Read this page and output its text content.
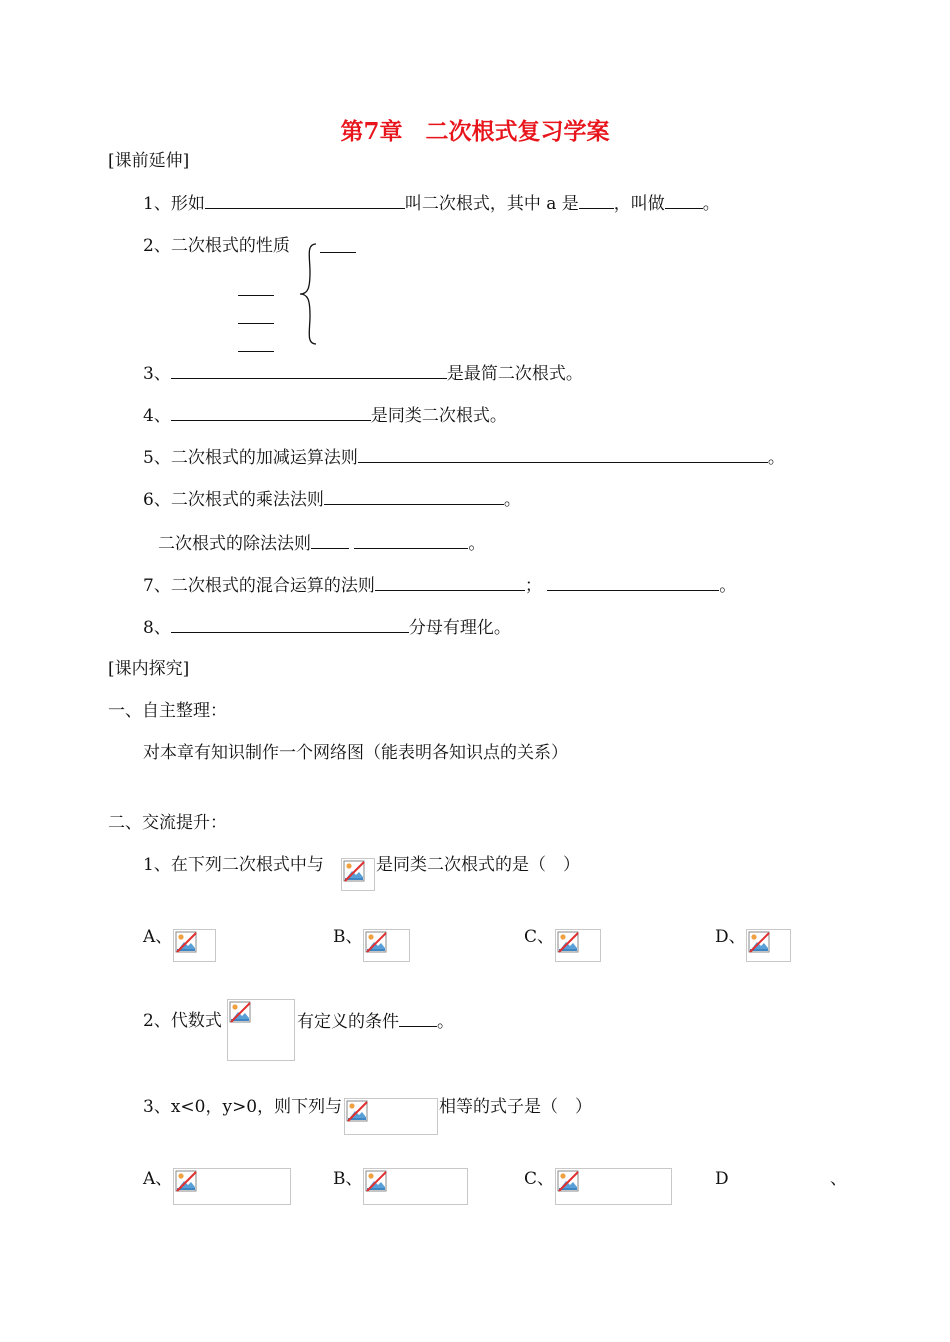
第7章　二次根式复习学案
[课前延伸]
1、形如	叫二次根式，其中 a 是 ，叫做 。
2、二次根式的性质
3、	是最简二次根式。
4、	是同类二次根式。
5、二次根式的加减运算法则	。
6、二次根式的乘法法则	。
二次根式的除法法则	。
7、二次根式的混合运算的法则	；	。
8、	分母有理化。
[课内探究]
一、自主整理：
对本章有知识制作一个网络图（能表明各知识点的关系）
二、交流提升：
1、在下列二次根式中与	是同类二次根式的是（　）
A、	B、	C、	D、
2、代数式	有定义的条件 。
3、x<0，y>0，则下列与	相等的式子是（　）
A、	B、	C、	D	、
